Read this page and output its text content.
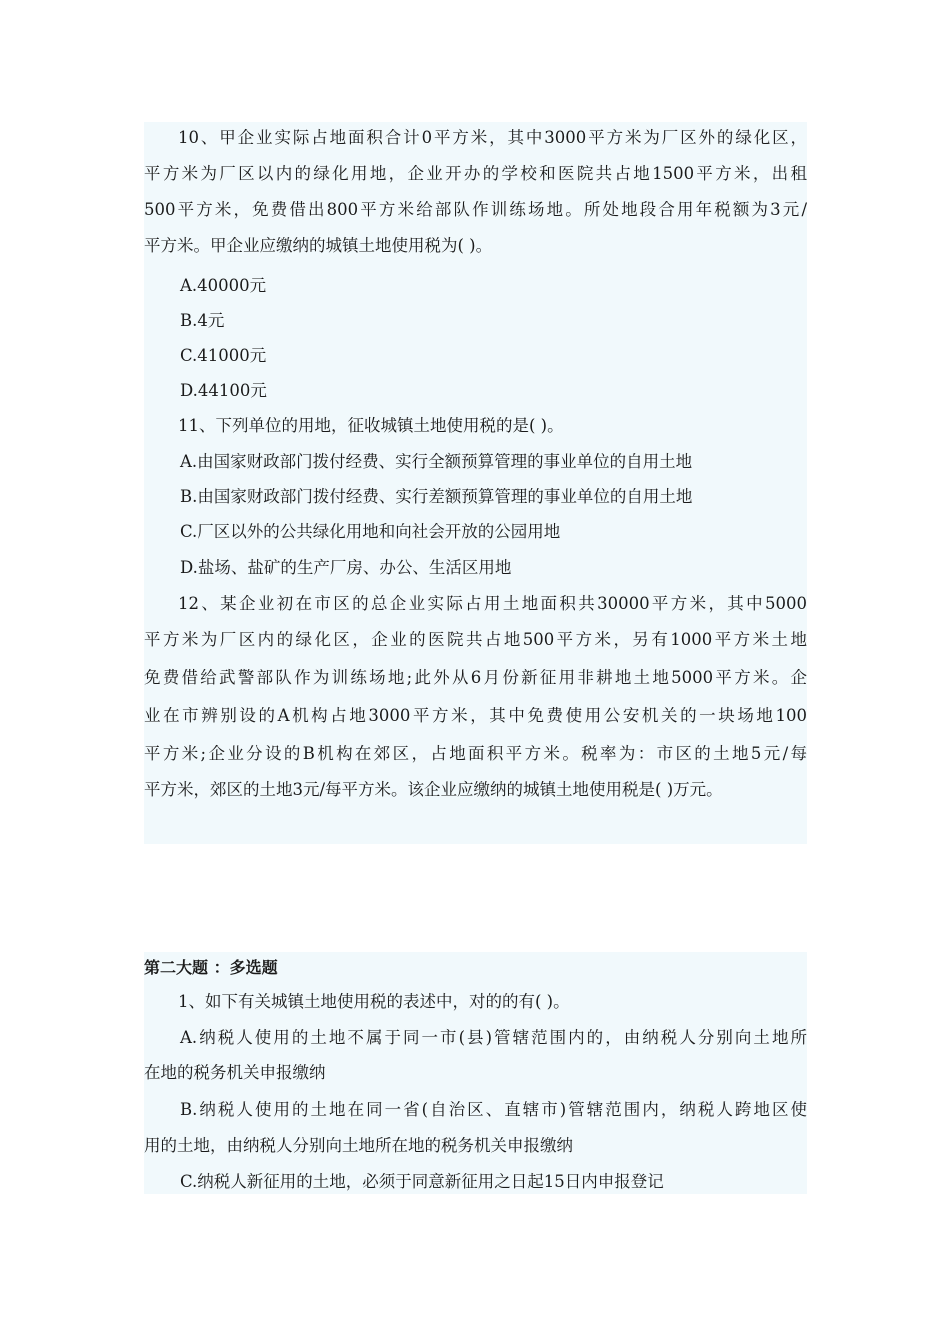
10、甲企业实际占地面积合计0平方米，其中3000平方米为厂区外的绿化区，
平方米为厂区以内的绿化用地，企业开办的学校和医院共占地1500平方米，出租
500平方米，免费借出800平方米给部队作训练场地。所处地段合用年税额为3元/
平方米。甲企业应缴纳的城镇土地使用税为( )。
A.40000元
B.4元
C.41000元
D.44100元
11、下列单位的用地，征收城镇土地使用税的是( )。
A.由国家财政部门拨付经费、实行全额预算管理的事业单位的自用土地
B.由国家财政部门拨付经费、实行差额预算管理的事业单位的自用土地
C.厂区以外的公共绿化用地和向社会开放的公园用地
D.盐场、盐矿的生产厂房、办公、生活区用地
12、某企业初在市区的总企业实际占用土地面积共30000平方米，其中5000
平方米为厂区内的绿化区，企业的医院共占地500平方米，另有1000平方米土地
免费借给武警部队作为训练场地;此外从6月份新征用非耕地土地5000平方米。企
业在市辨别设的A机构占地3000平方米，其中免费使用公安机关的一块场地100
平方米;企业分设的B机构在郊区，占地面积平方米。税率为：市区的土地5元/每
平方米，郊区的土地3元/每平方米。该企业应缴纳的城镇土地使用税是( )万元。
第二大题 ：多选题
1、如下有关城镇土地使用税的表述中，对的的有( )。
A.纳税人使用的土地不属于同一市(县)管辖范围内的，由纳税人分别向土地所
在地的税务机关申报缴纳
B.纳税人使用的土地在同一省(自治区、直辖市)管辖范围内，纳税人跨地区使
用的土地，由纳税人分别向土地所在地的税务机关申报缴纳
C.纳税人新征用的土地，必须于同意新征用之日起15日内申报登记
